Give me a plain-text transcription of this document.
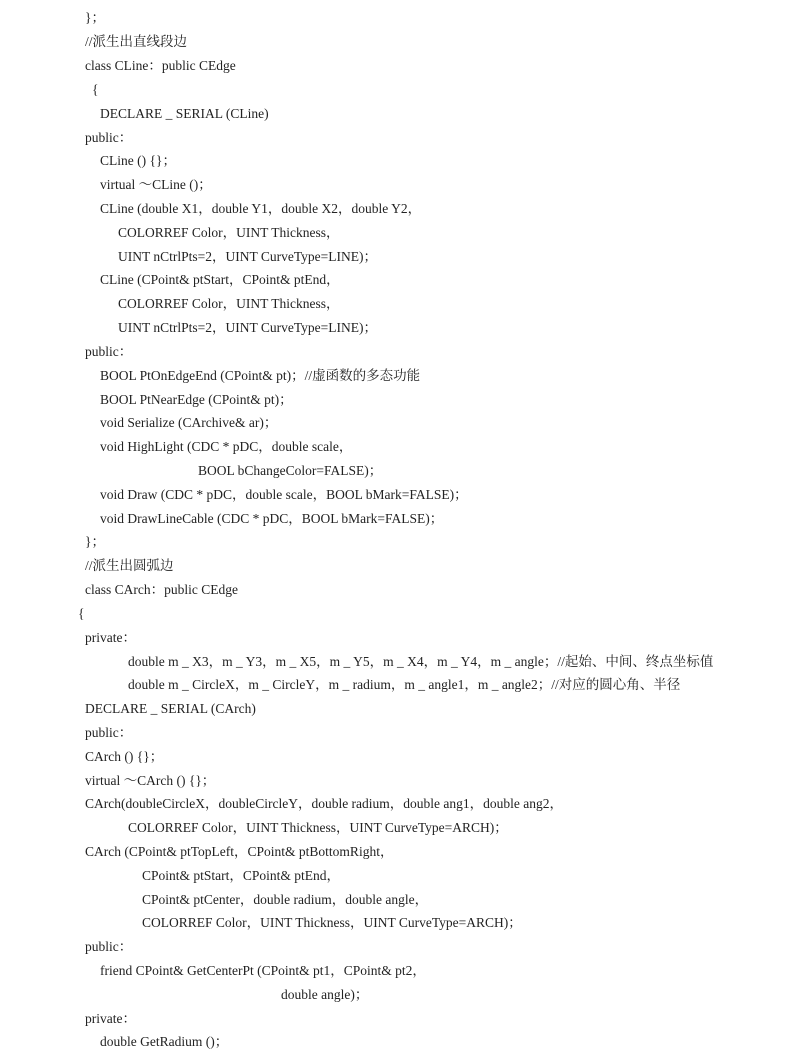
}；
//派生出直线段边
class CLine：public CEdge
{
DECLARE _ SERIAL (CLine)
public：
CLine () {}；
virtual ～CLine ()；
CLine (double X1，double Y1，double X2，double Y2，
COLORREF Color，UINT Thickness，
UINT nCtrlPts=2，UINT CurveType=LINE)；
CLine (CPoint& ptStart，CPoint& ptEnd，
COLORREF Color，UINT Thickness，
UINT nCtrlPts=2，UINT CurveType=LINE)；
public：
BOOL PtOnEdgeEnd (CPoint& pt)；//虚函数的多态功能
BOOL PtNearEdge (CPoint& pt)；
void Serialize (CArchive& ar)；
void HighLight (CDC * pDC，double scale，
BOOL bChangeColor=FALSE)；
void Draw (CDC * pDC，double scale，BOOL bMark=FALSE)；
void DrawLineCable (CDC * pDC，BOOL bMark=FALSE)；
}；
//派生出圆弧边
class CArch：public CEdge
{
private：
double m _ X3，m _ Y3，m _ X5，m _ Y5，m _ X4，m _ Y4，m _ angle；//起始、中间、终点坐标值
double m _ CircleX，m _ CircleY，m _ radium，m _ angle1，m _ angle2；//对应的圆心角、半径
DECLARE _ SERIAL (CArch)
public：
CArch () {}；
virtual ～CArch () {}；
CArch(doubleCircleX，doubleCircleY，double radium，double ang1，double ang2，
COLORREF Color，UINT Thickness，UINT CurveType=ARCH)；
CArch (CPoint& ptTopLeft，CPoint& ptBottomRight，
CPoint& ptStart，CPoint& ptEnd，
CPoint& ptCenter，double radium，double angle，
COLORREF Color，UINT Thickness，UINT CurveType=ARCH)；
public：
friend CPoint& GetCenterPt (CPoint& pt1，CPoint& pt2，
double angle)；
private：
double GetRadium ()；
